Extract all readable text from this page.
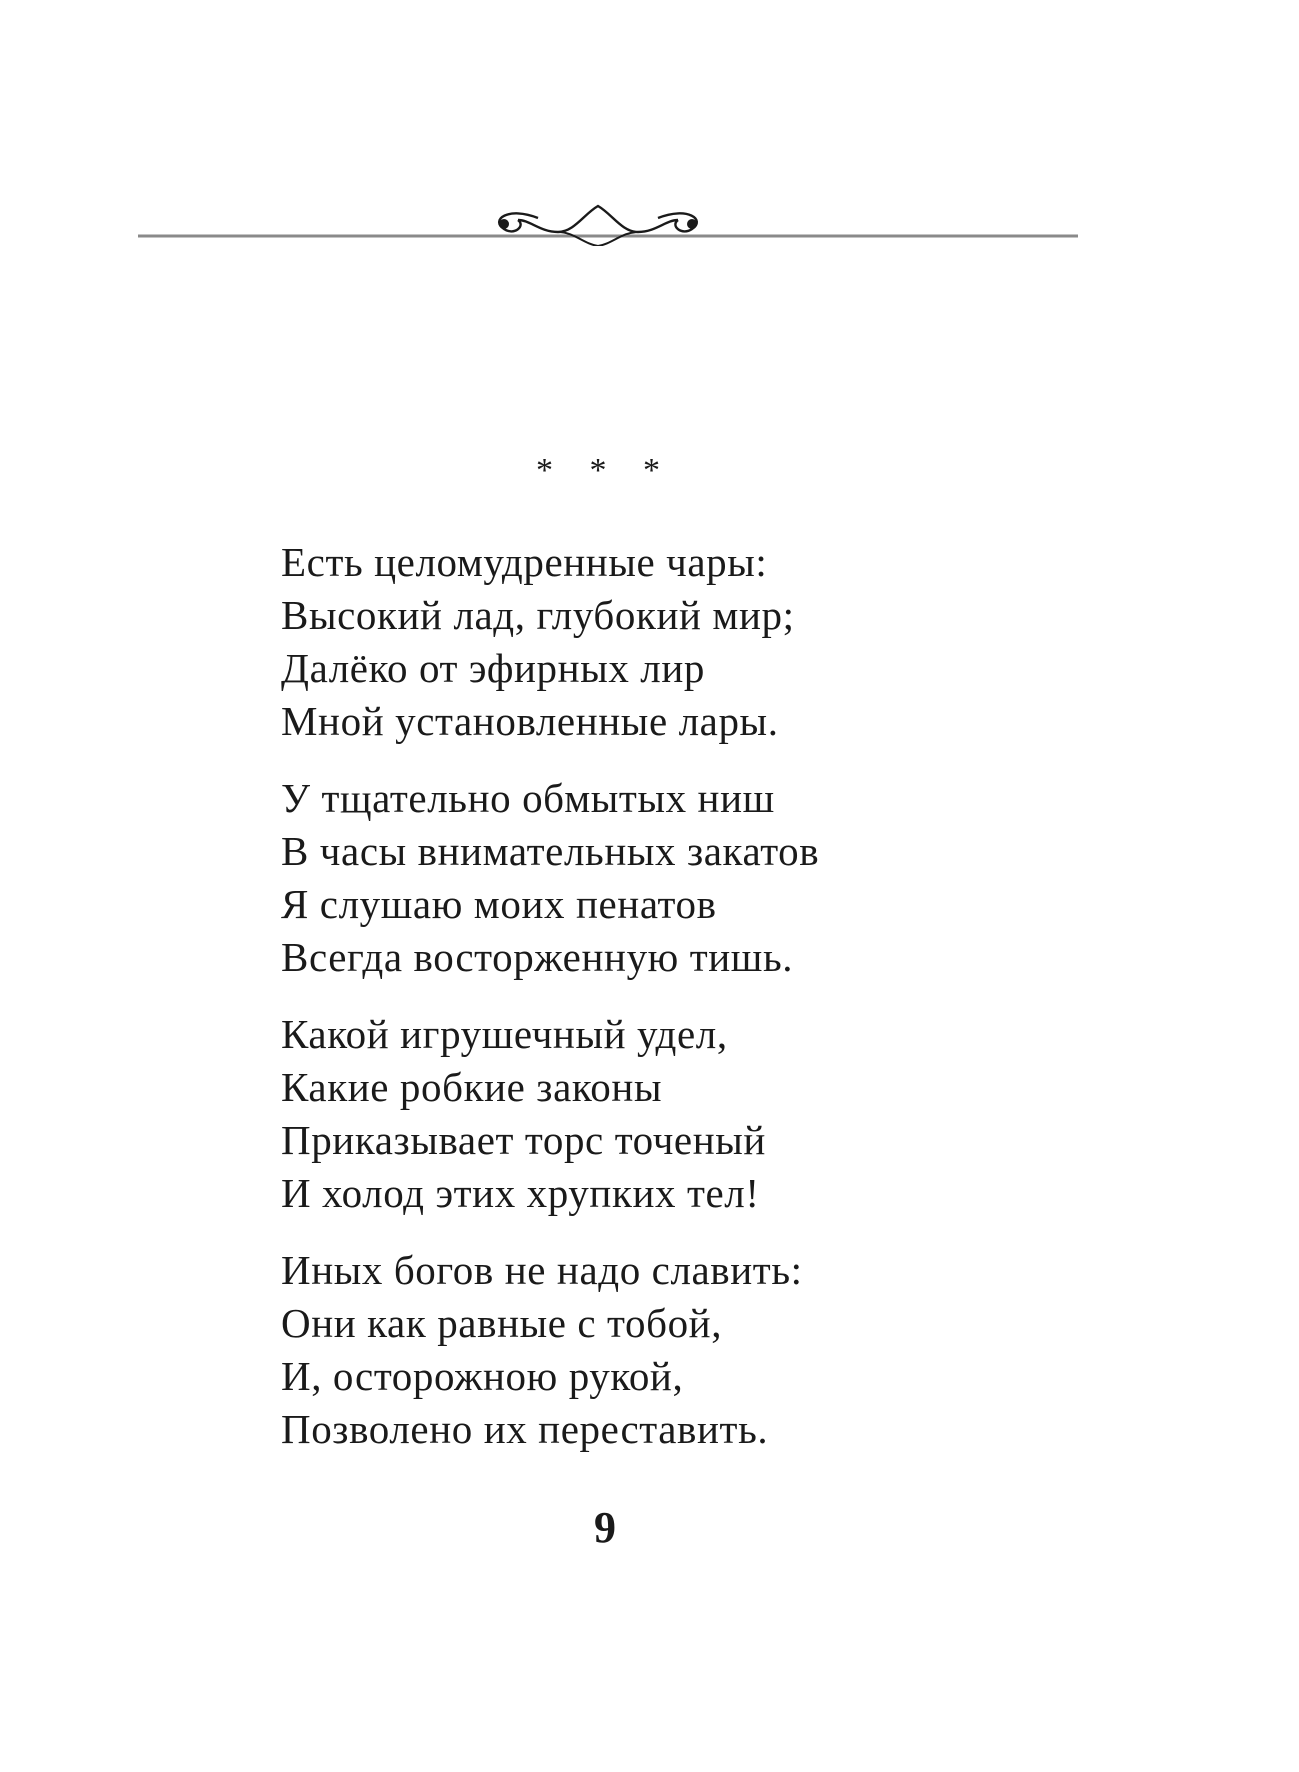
* * *
Есть целомудренные чары:
Высокий лад, глубокий мир;
Далёко от эфирных лир
Мной установленные лары.
У тщательно обмытых ниш
В часы внимательных закатов
Я слушаю моих пенатов
Всегда восторженную тишь.
Какой игрушечный удел,
Какие робкие законы
Приказывает торс точеный
И холод этих хрупких тел!
Иных богов не надо славить:
Они как равные с тобой,
И, осторожною рукой,
Позволено их переставить.
9
